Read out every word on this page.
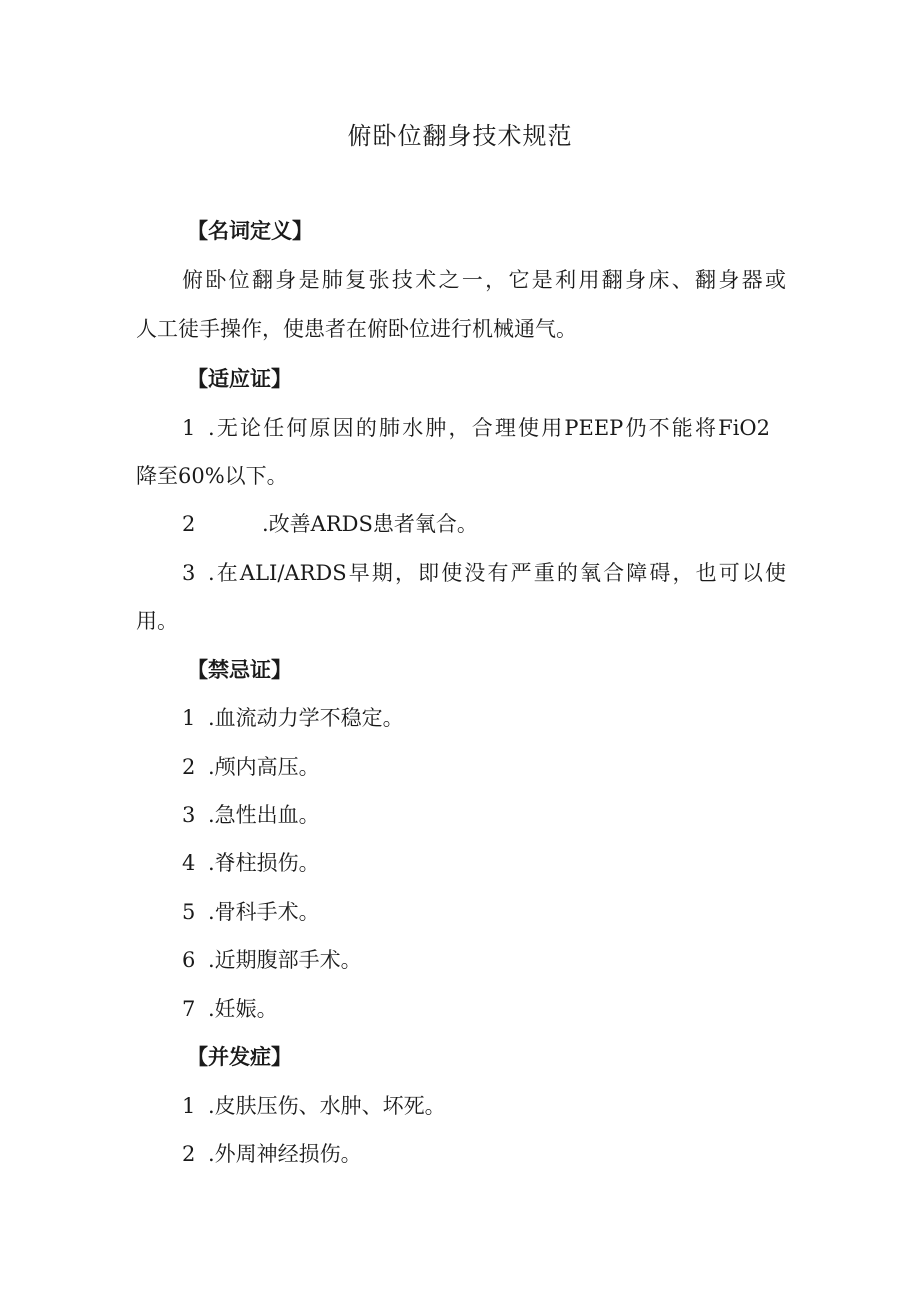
俯卧位翻身技术规范
【名词定义】

俯卧位翻身是肺复张技术之一，它是利用翻身床、翻身器或

人工徒手操作，使患者在俯卧位进行机械通气。

【适应证】

1 .无论任何原因的肺水肿，合理使用PEEP仍不能将FiO2

降至60%以下。

2	.改善ARDS患者氧合。

3 .在ALI/ARDS早期，即使没有严重的氧合障碍，也可以使

用。

【禁忌证】

1 .血流动力学不稳定。

2 .颅内高压。

3 .急性出血。

4 .脊柱损伤。

5 .骨科手术。

6 .近期腹部手术。

7 .妊娠。

【并发症】

1 .皮肤压伤、水肿、坏死。

2 .外周神经损伤。
